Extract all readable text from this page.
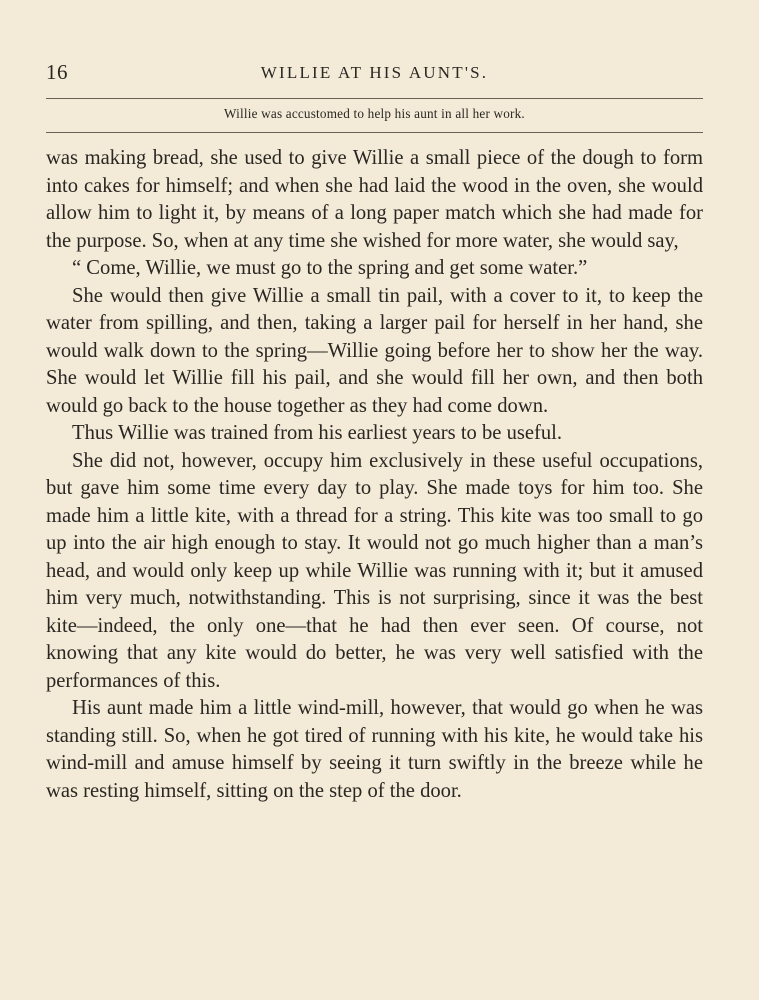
16	WILLIE AT HIS AUNT'S.
Willie was accustomed to help his aunt in all her work.

was making bread, she used to give Willie a small piece of the dough to form into cakes for himself; and when she had laid the wood in the oven, she would allow him to light it, by means of a long paper match which she had made for the purpose. So, when at any time she wished for more water, she would say,

“ Come, Willie, we must go to the spring and get some water.”

She would then give Willie a small tin pail, with a cover to it, to keep the water from spilling, and then, taking a larger pail for herself in her hand, she would walk down to the spring—Willie going before her to show her the way. She would let Willie fill his pail, and she would fill her own, and then both would go back to the house together as they had come down.

Thus Willie was trained from his earliest years to be useful.

She did not, however, occupy him exclusively in these useful occupations, but gave him some time every day to play. She made toys for him too. She made him a little kite, with a thread for a string. This kite was too small to go up into the air high enough to stay. It would not go much higher than a man’s head, and would only keep up while Willie was running with it; but it amused him very much, notwithstanding. This is not surprising, since it was the best kite—indeed, the only one—that he had then ever seen. Of course, not knowing that any kite would do better, he was very well satisfied with the performances of this.

His aunt made him a little wind-mill, however, that would go when he was standing still. So, when he got tired of running with his kite, he would take his wind-mill and amuse himself by seeing it turn swiftly in the breeze while he was resting himself, sitting on the step of the door.
